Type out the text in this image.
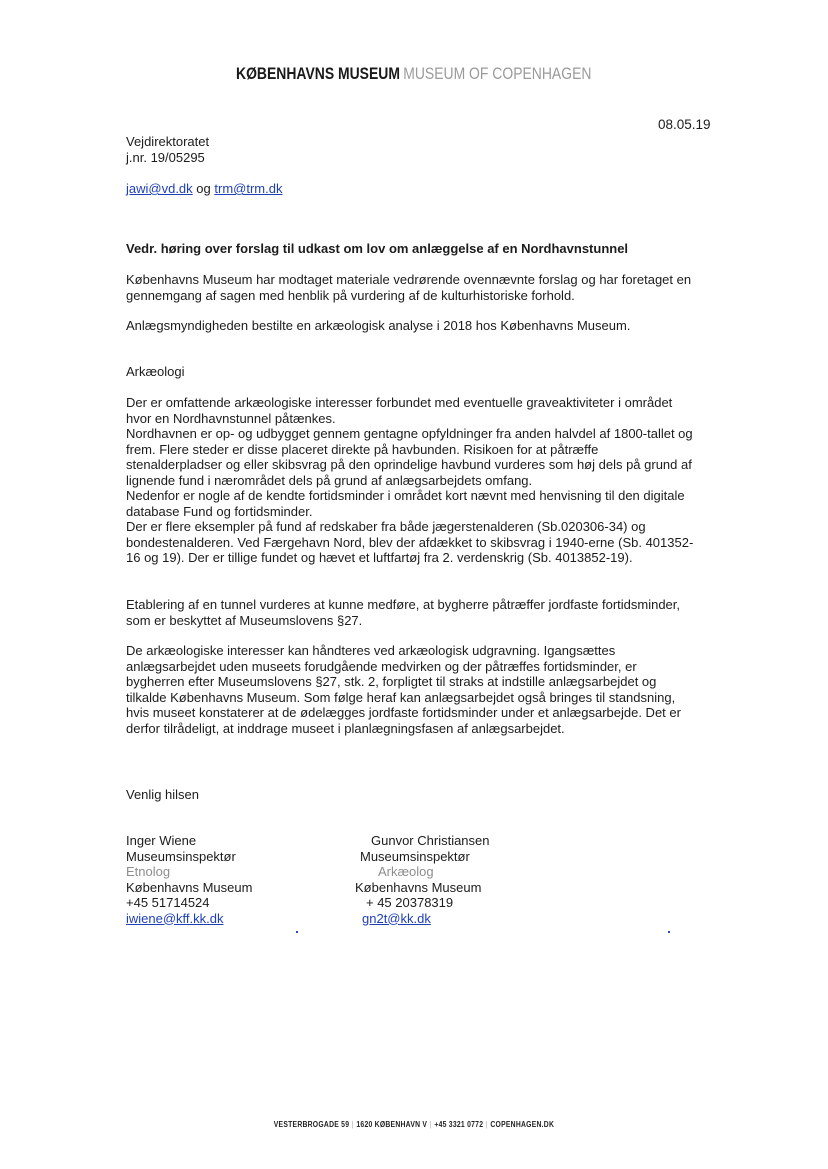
KØBENHAVNS MUSEUM MUSEUM OF COPENHAGEN
08.05.19
Vejdirektoratet
j.nr. 19/05295
jawi@vd.dk og trm@trm.dk
Vedr. høring over forslag til udkast om lov om anlæggelse af en Nordhavnstunnel

Københavns Museum har modtaget materiale vedrørende ovennævnte forslag og har foretaget en

gennemgang af sagen med henblik på vurdering af de kulturhistoriske forhold.

Anlægsmyndigheden bestilte en arkæologisk analyse i 2018 hos Københavns Museum.

Arkæologi

Der er omfattende arkæologiske interesser forbundet med eventuelle graveaktiviteter i området

hvor en Nordhavnstunnel påtænkes.

Nordhavnen er op- og udbygget gennem gentagne opfyldninger fra anden halvdel af 1800-tallet og

frem. Flere steder er disse placeret direkte på havbunden. Risikoen for at påtræffe

stenalderpladser og eller skibsvrag på den oprindelige havbund vurderes som høj dels på grund af

lignende fund i nærområdet dels på grund af anlægsarbejdets omfang.

Nedenfor er nogle af de kendte fortidsminder i området kort nævnt med henvisning til den digitale

database Fund og fortidsminder.

Der er flere eksempler på fund af redskaber fra både jægerstenalderen (Sb.020306-34) og

bondestenalderen. Ved Færgehavn Nord, blev der afdækket to skibsvrag i 1940-erne (Sb. 401352-

16 og 19). Der er tillige fundet og hævet et luftfartøj fra 2. verdenskrig (Sb. 4013852-19).

Etablering af en tunnel vurderes at kunne medføre, at bygherre påtræffer jordfaste fortidsminder,

som er beskyttet af Museumslovens §27.

De arkæologiske interesser kan håndteres ved arkæologisk udgravning. Igangsættes

anlægsarbejdet uden museets forudgående medvirken og der påtræffes fortidsminder, er

bygherren efter Museumslovens §27, stk. 2, forpligtet til straks at indstille anlægsarbejdet og

tilkalde Københavns Museum. Som følge heraf kan anlægsarbejdet også bringes til standsning,

hvis museet konstaterer at de ødelægges jordfaste fortidsminder under et anlægsarbejde. Det er

derfor tilrådeligt, at inddrage museet i planlægningsfasen af anlægsarbejdet.

Venlig hilsen
Inger Wiene
Museumsinspektør
Etnolog
Københavns Museum
+45 51714524
iwiene@kff.kk.dk
Gunvor Christiansen
Museumsinspektør
Arkæolog
Københavns Museum
+ 45 20378319
gn2t@kk.dk
VESTERBROGADE 59 | 1620 KØBENHAVN V | +45 3321 0772 | COPENHAGEN.DK
